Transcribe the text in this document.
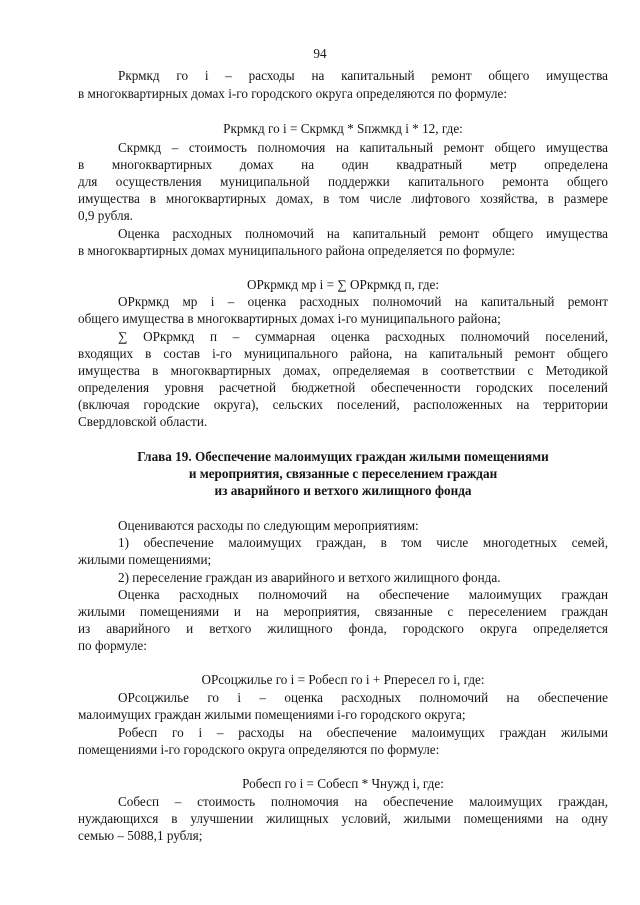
94
Ркрмкд го i – расходы на капитальный ремонт общего имущества
в многоквартирных домах i-го городского округа определяются по формуле:
Ркрмкд го i = Скрмкд * Sпжмкд i * 12, где:
Скрмкд – стоимость полномочия на капитальный ремонт общего имущества
в многоквартирных домах на один квадратный метр определена
для осуществления муниципальной поддержки капитального ремонта общего
имущества в многоквартирных домах, в том числе лифтового хозяйства, в размере
0,9 рубля.
Оценка расходных полномочий на капитальный ремонт общего имущества
в многоквартирных домах муниципального района определяется по формуле:
ОРкрмкд мр i = ∑ ОРкрмкд п, где:
ОРкрмкд мр i – оценка расходных полномочий на капитальный ремонт
общего имущества в многоквартирных домах i-го муниципального района;
∑ ОРкрмкд п – суммарная оценка расходных полномочий поселений,
входящих в состав i-го муниципального района, на капитальный ремонт общего
имущества в многоквартирных домах, определяемая в соответствии с Методикой
определения уровня расчетной бюджетной обеспеченности городских поселений
(включая городские округа), сельских поселений, расположенных на территории
Свердловской области.
Глава 19. Обеспечение малоимущих граждан жилыми помещениями
и мероприятия, связанные с переселением граждан
из аварийного и ветхого жилищного фонда
Оцениваются расходы по следующим мероприятиям:
1) обеспечение малоимущих граждан, в том числе многодетных семей,
жилыми помещениями;
2) переселение граждан из аварийного и ветхого жилищного фонда.
Оценка расходных полномочий на обеспечение малоимущих граждан
жилыми помещениями и на мероприятия, связанные с переселением граждан
из аварийного и ветхого жилищного фонда, городского округа определяется
по формуле:
ОРсоцжилье го i = Робесп го i + Рпересел го i, где:
ОРсоцжилье го i – оценка расходных полномочий на обеспечение
малоимущих граждан жилыми помещениями i-го городского округа;
Робесп го i – расходы на обеспечение малоимущих граждан жилыми
помещениями i-го городского округа определяются по формуле:
Робесп го i = Собесп * Чнужд i, где:
Собесп – стоимость полномочия на обеспечение малоимущих граждан,
нуждающихся в улучшении жилищных условий, жилыми помещениями на одну
семью – 5088,1 рубля;
